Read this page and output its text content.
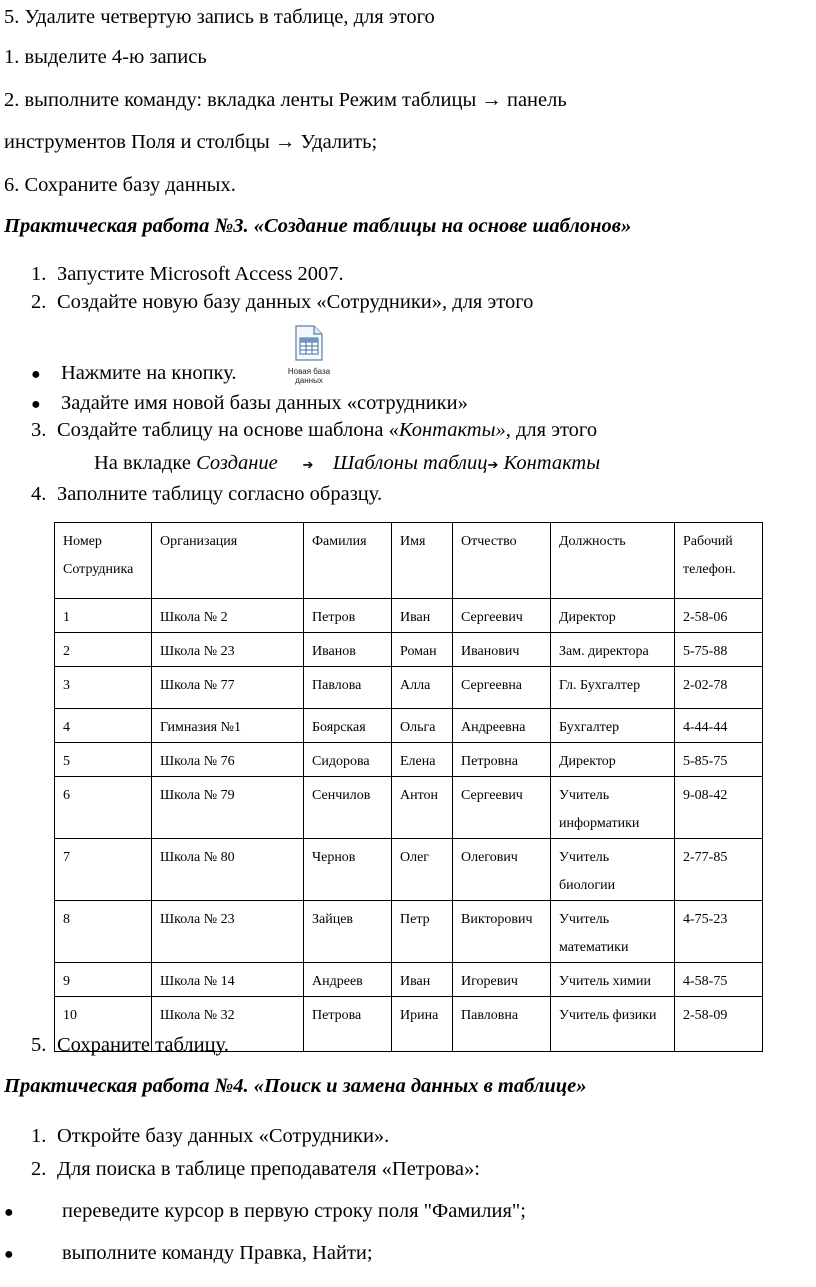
5. Удалите четвертую запись в таблице, для этого
1. выделите 4-ю запись
2. выполните команду: вкладка ленты Режим таблицы → панель
инструментов Поля и столбцы → Удалить;
6. Сохраните базу данных.
Практическая работа №3. «Создание таблицы на основе шаблонов»
1. Запустите Microsoft Access 2007.
2. Создайте новую базу данных «Сотрудники», для этого
● Нажмите на кнопку.	Новая база
данных
● Задайте имя новой базы данных «сотрудники»
3. Создайте таблицу на основе шаблона «Контакты», для этого
На вкладке Создание ➔ Шаблоны таблиц➔ Контакты
4. Заполните таблицу согласно образцу.
Номер Сотрудника	Организация	Фамилия	Имя	Отчество	Должность	Рабочий телефон.
1	Школа № 2	Петров	Иван	Сергеевич	Директор	2-58-06
2	Школа № 23	Иванов	Роман	Иванович	Зам. директора	5-75-88
3	Школа № 77	Павлова	Алла	Сергеевна	Гл. Бухгалтер	2-02-78
4	Гимназия №1	Боярская	Ольга	Андреевна	Бухгалтер	4-44-44
5	Школа № 76	Сидорова	Елена	Петровна	Директор	5-85-75
6	Школа № 79	Сенчилов	Антон	Сергеевич	Учитель информатики	9-08-42
7	Школа № 80	Чернов	Олег	Олегович	Учитель биологии	2-77-85
8	Школа № 23	Зайцев	Петр	Викторович	Учитель математики	4-75-23
9	Школа № 14	Андреев	Иван	Игоревич	Учитель химии	4-58-75
10	Школа № 32	Петрова	Ирина	Павловна	Учитель физики	2-58-09
5. Сохраните таблицу.
Практическая работа №4. «Поиск и замена данных в таблице»
1. Откройте базу данных «Сотрудники».
2. Для поиска в таблице преподавателя «Петрова»:
● переведите курсор в первую строку поля "Фамилия";
● выполните команду Правка, Найти;
